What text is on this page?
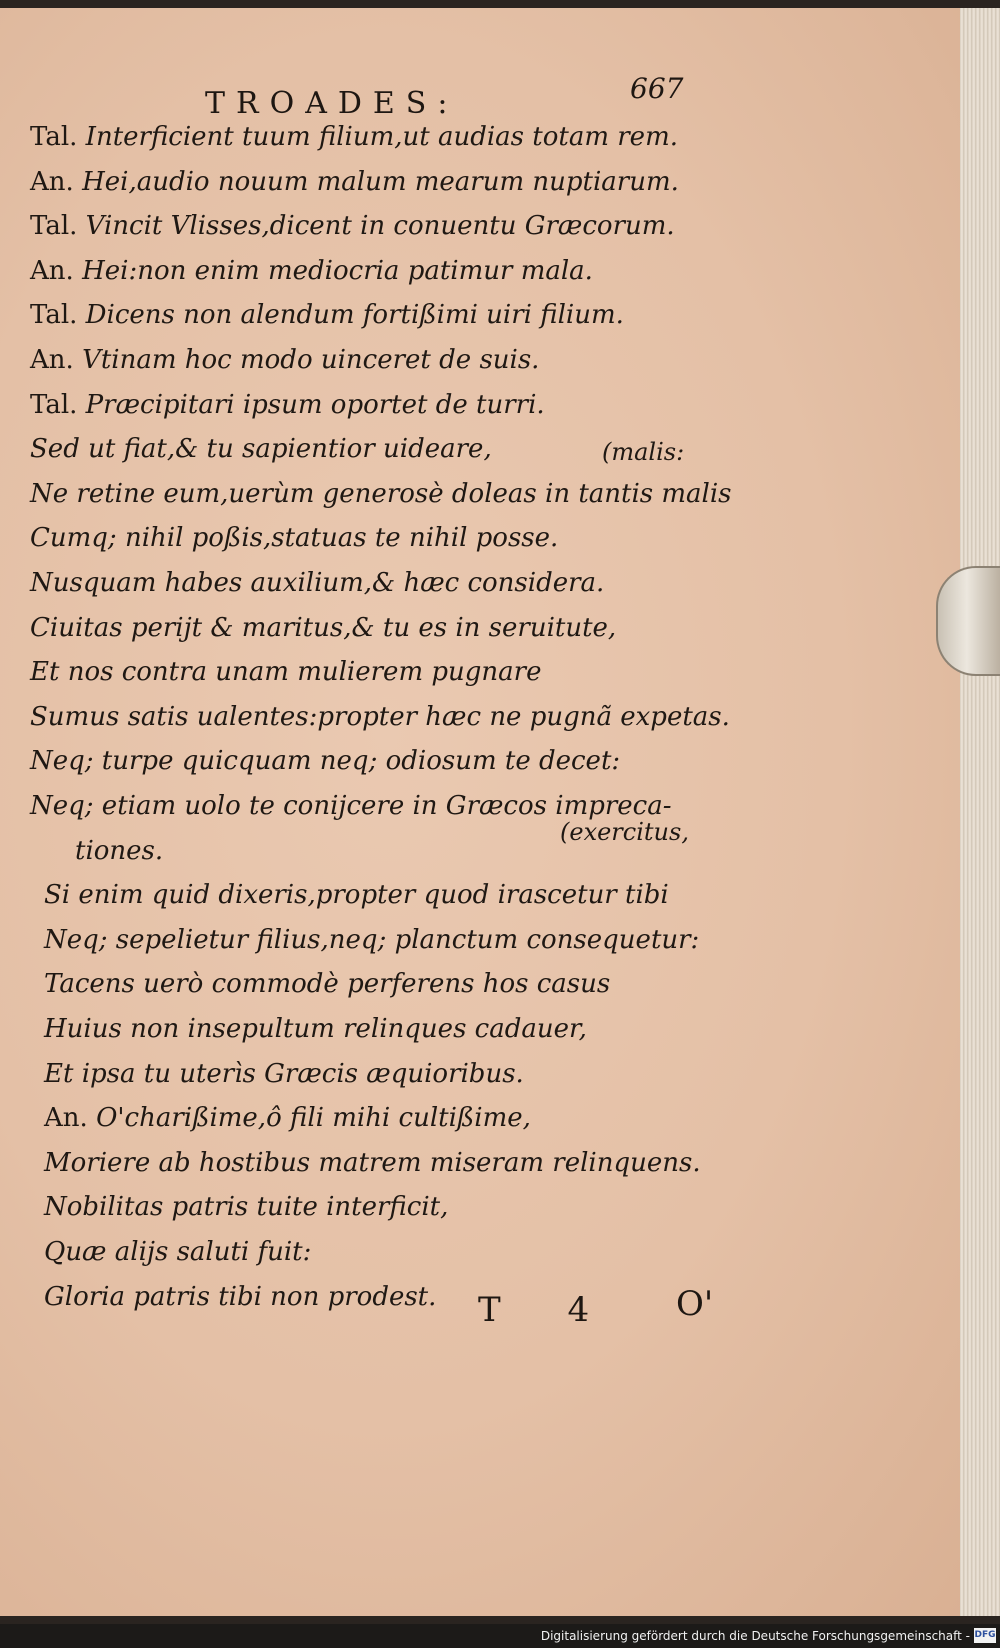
TROADES:	667
Tal. Interficient tuum filium,ut audias totam rem.
An. Hei,audio nouum malum mearum nuptiarum.
Tal. Vincit Vlisses,dicent in conuentu Græcorum.
An. Hei:non enim mediocria patimur mala.
Tal. Dicens non alendum fortißimi uiri filium.
An. Vtinam hoc modo uinceret de suis.
Tal. Præcipitari ipsum oportet de turri.
Sed ut fiat,& tu sapientior uideare,
Ne retine eum,uerùm generosè doleas in tantis malis
Cumq; nihil poßis,statuas te nihil posse.
Nusquam habes auxilium,& hæc considera.
Ciuitas perijt & maritus,& tu es in seruitute,
Et nos contra unam mulierem pugnare
Sumus satis ualentes:propter hæc ne pugnã expetas.
Neq; turpe quicquam neq; odiosum te decet:
Neq; etiam uolo te conijcere in Græcos impreca-
tiones.
Si enim quid dixeris,propter quod irascetur tibi
Neq; sepelietur filius,neq; planctum consequetur:
Tacens uerò commodè perferens hos casus
Huius non insepultum relinques cadauer,
Et ipsa tu uterìs Græcis æquioribus.
An. O'charißime,ô fili mihi cultißime,
Moriere ab hostibus matrem miseram relinquens.
Nobilitas patris tuite interficit,
Quæ alijs saluti fuit:
Gloria patris tibi non prodest.
(malis:
(exercitus,
T 4 O'
Digitalisierung gefördert durch die Deutsche Forschungsgemeinschaft - DFG
